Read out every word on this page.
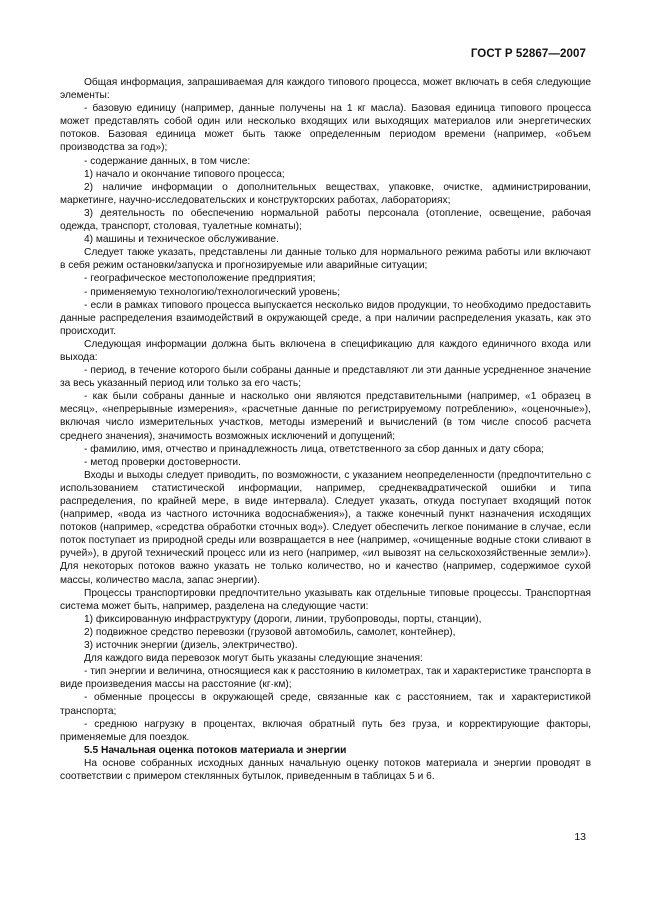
ГОСТ Р 52867—2007

Общая информация, запрашиваемая для каждого типового процесса, может включать в себя следующие элементы:

- базовую единицу (например, данные получены на 1 кг масла). Базовая единица типового процесса может представлять собой один или несколько входящих или выходящих материалов или энергетических потоков. Базовая единица может быть также определенным периодом времени (например, «объем производства за год»);

- содержание данных, в том числе:

1) начало и окончание типового процесса;

2) наличие информации о дополнительных веществах, упаковке, очистке, администрировании, маркетинге, научно-исследовательских и конструкторских работах, лабораториях;

3) деятельность по обеспечению нормальной работы персонала (отопление, освещение, рабочая одежда, транспорт, столовая, туалетные комнаты);

4) машины и техническое обслуживание.

Следует также указать, представлены ли данные только для нормального режима работы или включают в себя режим остановки/запуска и прогнозируемые или аварийные ситуации;

- географическое местоположение предприятия;

- применяемую технологию/технологический уровень;

- если в рамках типового процесса выпускается несколько видов продукции, то необходимо предоставить данные распределения взаимодействий в окружающей среде, а при наличии распределения указать, как это происходит.

Следующая информации должна быть включена в спецификацию для каждого единичного входа или выхода:

- период, в течение которого были собраны данные и представляют ли эти данные усредненное значение за весь указанный период или только за его часть;

- как были собраны данные и насколько они являются представительными (например, «1 образец в месяц», «непрерывные измерения», «расчетные данные по регистрируемому потреблению», «оценочные»), включая число измерительных участков, методы измерений и вычислений (в том числе способ расчета среднего значения), значимость возможных исключений и допущений;

- фамилию, имя, отчество и принадлежность лица, ответственного за сбор данных и дату сбора;

- метод проверки достоверности.

Входы и выходы следует приводить, по возможности, с указанием неопределенности (предпочтительно с использованием статистической информации, например, среднеквадратической ошибки и типа распределения, по крайней мере, в виде интервала). Следует указать, откуда поступает входящий поток (например, «вода из частного источника водоснабжения»), а также конечный пункт назначения исходящих потоков (например, «средства обработки сточных вод»). Следует обеспечить легкое понимание в случае, если поток поступает из природной среды или возвращается в нее (например, «очищенные водные стоки сливают в ручей»), в другой технический процесс или из него (например, «ил вывозят на сельскохозяйственные земли»). Для некоторых потоков важно указать не только количество, но и качество (например, содержимое сухой массы, количество масла, запас энергии).

Процессы транспортировки предпочтительно указывать как отдельные типовые процессы. Транспортная система может быть, например, разделена на следующие части:

1) фиксированную инфраструктуру (дороги, линии, трубопроводы, порты, станции),

2) подвижное средство перевозки (грузовой автомобиль, самолет, контейнер),

3) источник энергии (дизель, электричество).

Для каждого вида перевозок могут быть указаны следующие значения:

- тип энергии и величина, относящиеся как к расстоянию в километрах, так и характеристике транспорта в виде произведения массы на расстояние (кг·км);

- обменные процессы в окружающей среде, связанные как с расстоянием, так и характеристикой транспорта;

- среднюю нагрузку в процентах, включая обратный путь без груза, и корректирующие факторы, применяемые для поездок.

5.5 Начальная оценка потоков материала и энергии

На основе собранных исходных данных начальную оценку потоков материала и энергии проводят в соответствии с примером стеклянных бутылок, приведенным в таблицах 5 и 6.

13
